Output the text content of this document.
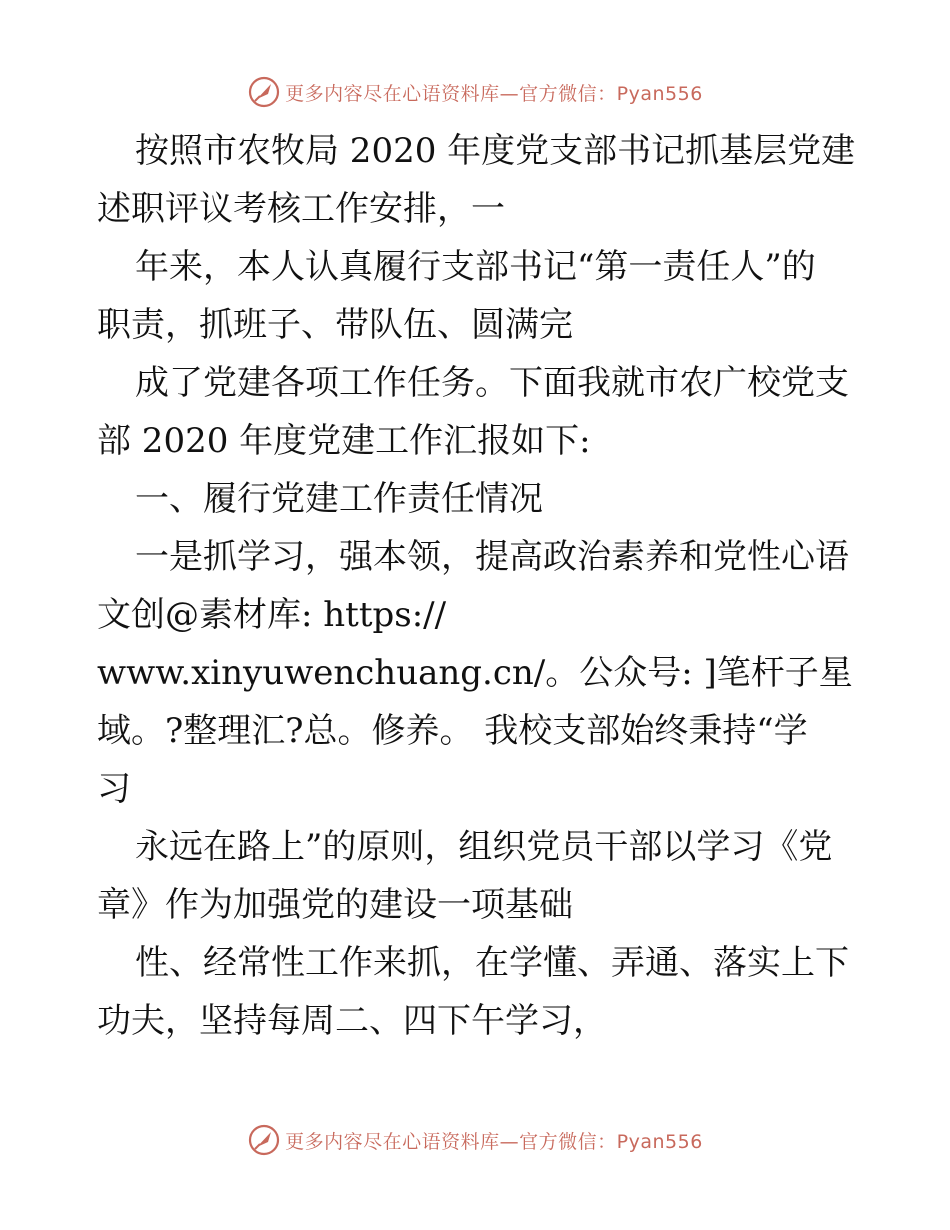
更多内容尽在心语资料库—官方微信：Pyan556

按照市农牧局 2020 年度党支部书记抓基层党建
述职评议考核工作安排，一

年来，本人认真履行支部书记“第一责任人”的
职责，抓班子、带队伍、圆满完

成了党建各项工作任务。下面我就市农广校党支
部 2020 年度党建工作汇报如下:

一、履行党建工作责任情况

一是抓学习，强本领，提高政治素养和党性心语
文创@素材库: https://
www.xinyuwenchuang.cn/。公众号: ]笔杆子星
域。?整理汇?总。修养。 我校支部始终秉持“学
习

永远在路上”的原则，组织党员干部以学习《党
章》作为加强党的建设一项基础

性、经常性工作来抓，在学懂、弄通、落实上下
功夫，坚持每周二、四下午学习，

更多内容尽在心语资料库—官方微信：Pyan556
